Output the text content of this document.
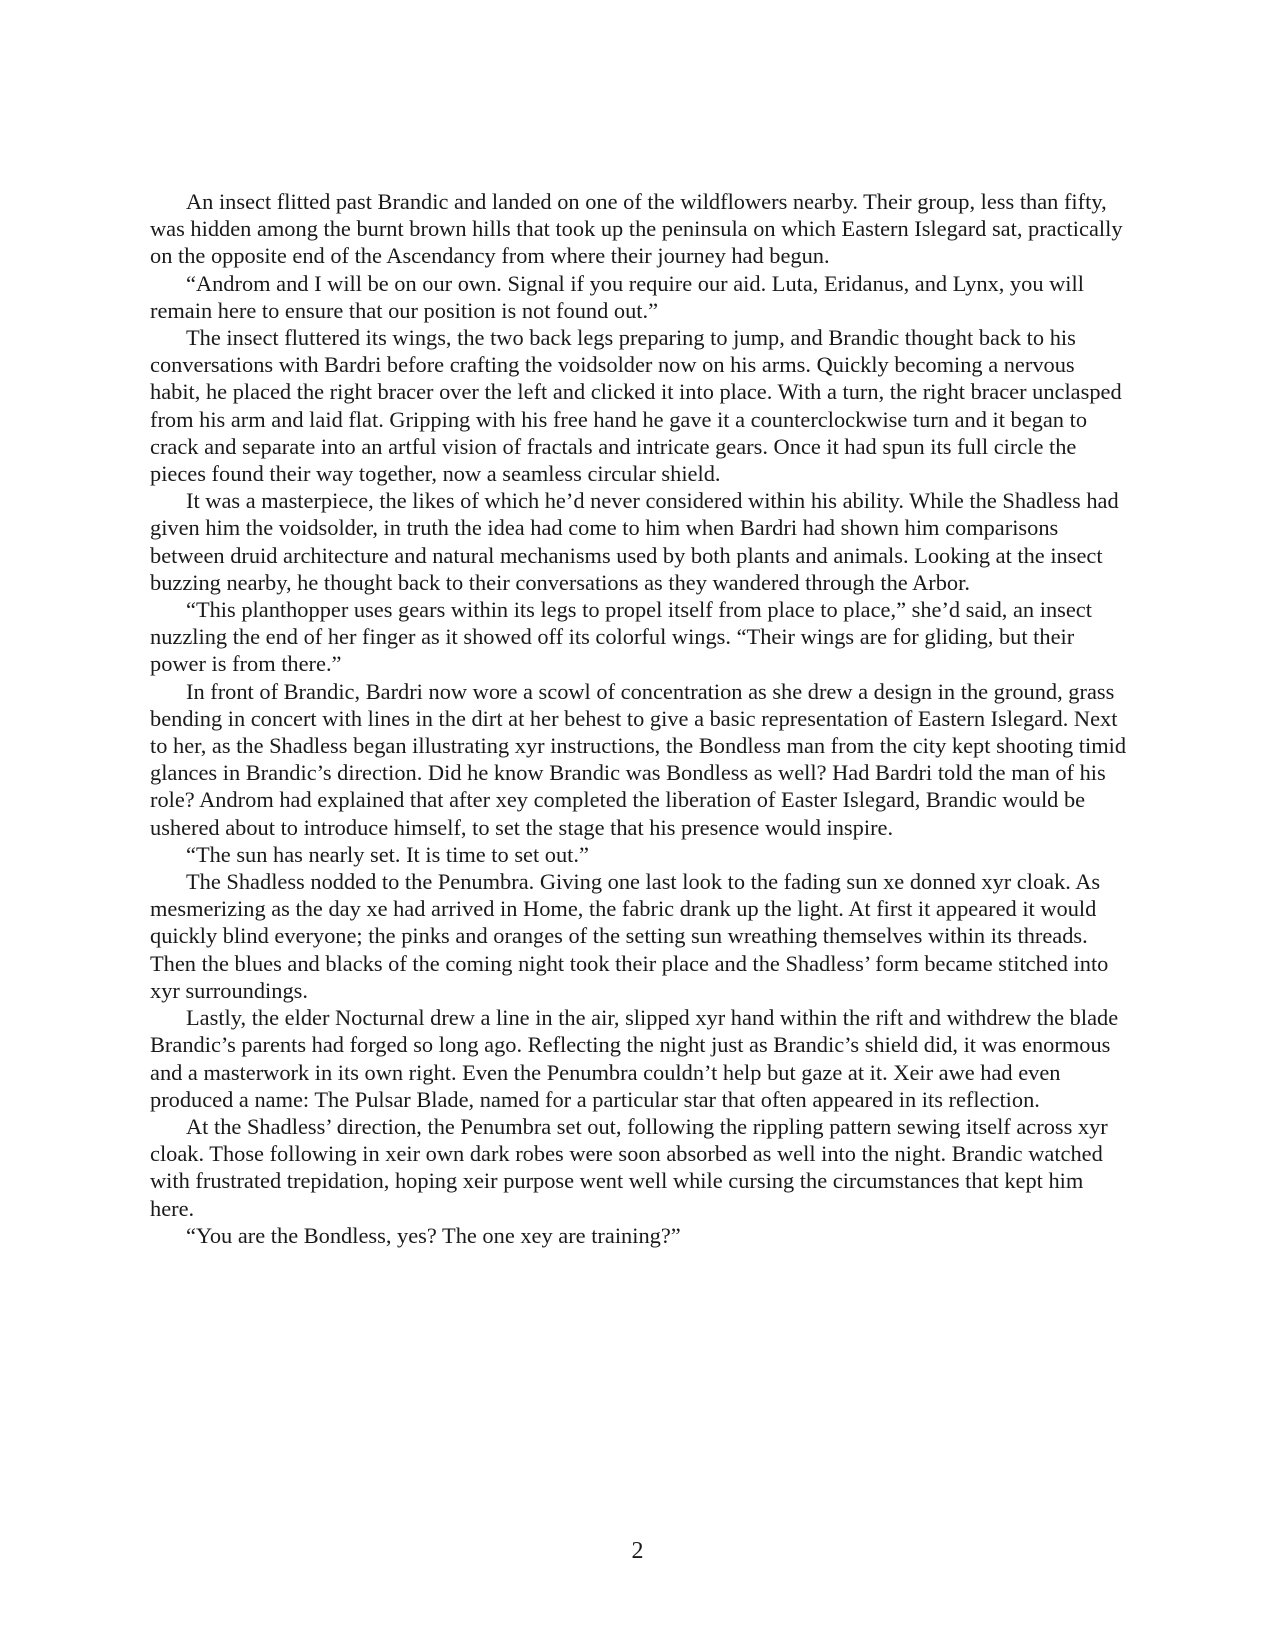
An insect flitted past Brandic and landed on one of the wildflowers nearby. Their group, less than fifty, was hidden among the burnt brown hills that took up the peninsula on which Eastern Islegard sat, practically on the opposite end of the Ascendancy from where their journey had begun.

“Androm and I will be on our own. Signal if you require our aid. Luta, Eridanus, and Lynx, you will remain here to ensure that our position is not found out.”

The insect fluttered its wings, the two back legs preparing to jump, and Brandic thought back to his conversations with Bardri before crafting the voidsolder now on his arms. Quickly becoming a nervous habit, he placed the right bracer over the left and clicked it into place. With a turn, the right bracer unclasped from his arm and laid flat. Gripping with his free hand he gave it a counterclockwise turn and it began to crack and separate into an artful vision of fractals and intricate gears. Once it had spun its full circle the pieces found their way together, now a seamless circular shield.

It was a masterpiece, the likes of which he’d never considered within his ability. While the Shadless had given him the voidsolder, in truth the idea had come to him when Bardri had shown him comparisons between druid architecture and natural mechanisms used by both plants and animals. Looking at the insect buzzing nearby, he thought back to their conversations as they wandered through the Arbor.

“This planthopper uses gears within its legs to propel itself from place to place,” she’d said, an insect nuzzling the end of her finger as it showed off its colorful wings. “Their wings are for gliding, but their power is from there.”

In front of Brandic, Bardri now wore a scowl of concentration as she drew a design in the ground, grass bending in concert with lines in the dirt at her behest to give a basic representation of Eastern Islegard. Next to her, as the Shadless began illustrating xyr instructions, the Bondless man from the city kept shooting timid glances in Brandic’s direction. Did he know Brandic was Bondless as well? Had Bardri told the man of his role? Androm had explained that after xey completed the liberation of Easter Islegard, Brandic would be ushered about to introduce himself, to set the stage that his presence would inspire.

“The sun has nearly set. It is time to set out.”

The Shadless nodded to the Penumbra. Giving one last look to the fading sun xe donned xyr cloak. As mesmerizing as the day xe had arrived in Home, the fabric drank up the light. At first it appeared it would quickly blind everyone; the pinks and oranges of the setting sun wreathing themselves within its threads. Then the blues and blacks of the coming night took their place and the Shadless’ form became stitched into xyr surroundings.

Lastly, the elder Nocturnal drew a line in the air, slipped xyr hand within the rift and withdrew the blade Brandic’s parents had forged so long ago. Reflecting the night just as Brandic’s shield did, it was enormous and a masterwork in its own right. Even the Penumbra couldn’t help but gaze at it. Xeir awe had even produced a name: The Pulsar Blade, named for a particular star that often appeared in its reflection.

At the Shadless’ direction, the Penumbra set out, following the rippling pattern sewing itself across xyr cloak. Those following in xeir own dark robes were soon absorbed as well into the night. Brandic watched with frustrated trepidation, hoping xeir purpose went well while cursing the circumstances that kept him here.

“You are the Bondless, yes? The one xey are training?”

2
